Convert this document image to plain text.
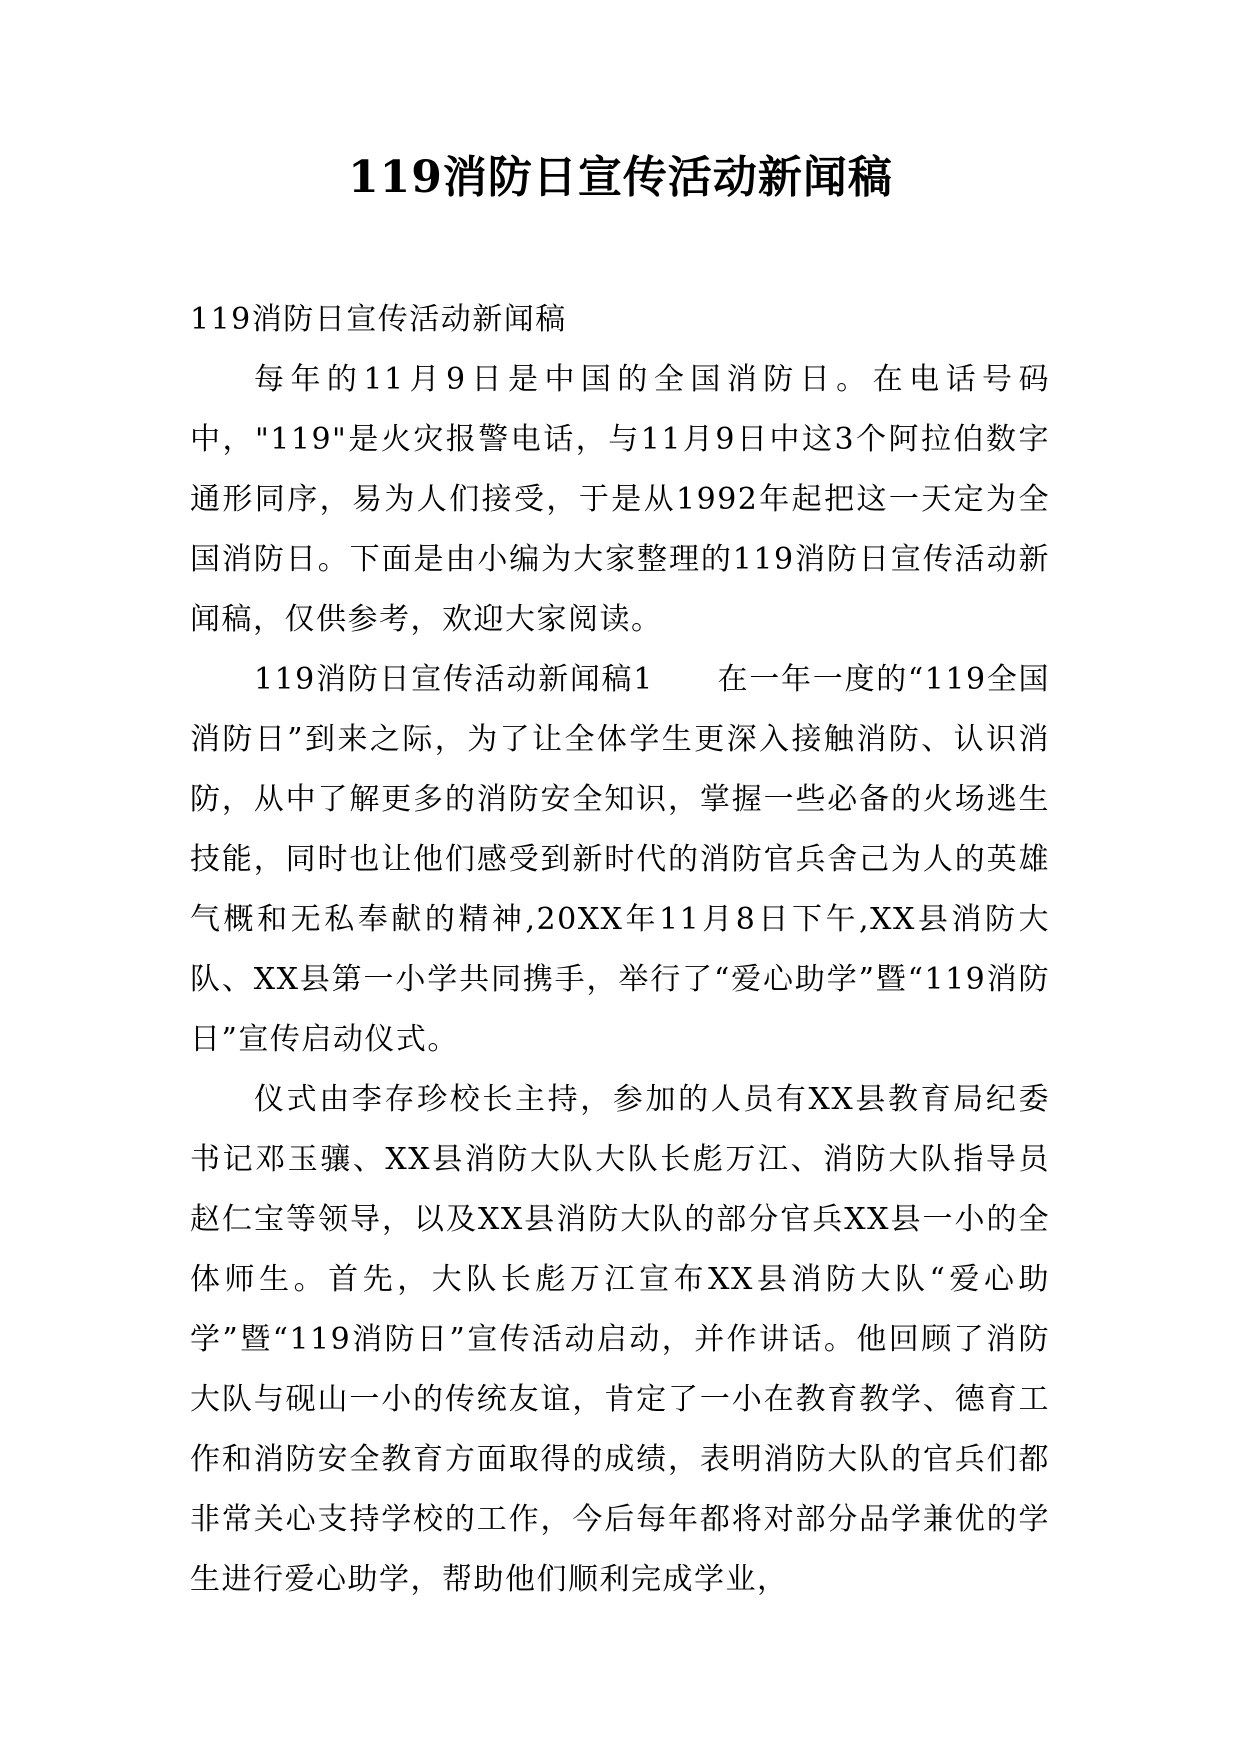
119消防日宣传活动新闻稿

119消防日宣传活动新闻稿

每年的11月9日是中国的全国消防日。在电话号码中，"119"是火灾报警电话，与11月9日中这3个阿拉伯数字通形同序，易为人们接受，于是从1992年起把这一天定为全国消防日。下面是由小编为大家整理的119消防日宣传活动新闻稿，仅供参考，欢迎大家阅读。

119消防日宣传活动新闻稿1　　在一年一度的“119全国消防日”到来之际，为了让全体学生更深入接触消防、认识消防，从中了解更多的消防安全知识，掌握一些必备的火场逃生技能，同时也让他们感受到新时代的消防官兵舍己为人的英雄气概和无私奉献的精神,20XX年11月8日下午,XX县消防大队、XX县第一小学共同携手，举行了“爱心助学”暨“119消防日”宣传启动仪式。

仪式由李存珍校长主持，参加的人员有XX县教育局纪委书记邓玉骧、XX县消防大队大队长彪万江、消防大队指导员赵仁宝等领导，以及XX县消防大队的部分官兵XX县一小的全体师生。首先，大队长彪万江宣布XX县消防大队“爱心助学”暨“119消防日”宣传活动启动，并作讲话。他回顾了消防大队与砚山一小的传统友谊，肯定了一小在教育教学、德育工作和消防安全教育方面取得的成绩，表明消防大队的官兵们都非常关心支持学校的工作，今后每年都将对部分品学兼优的学生进行爱心助学，帮助他们顺利完成学业，
